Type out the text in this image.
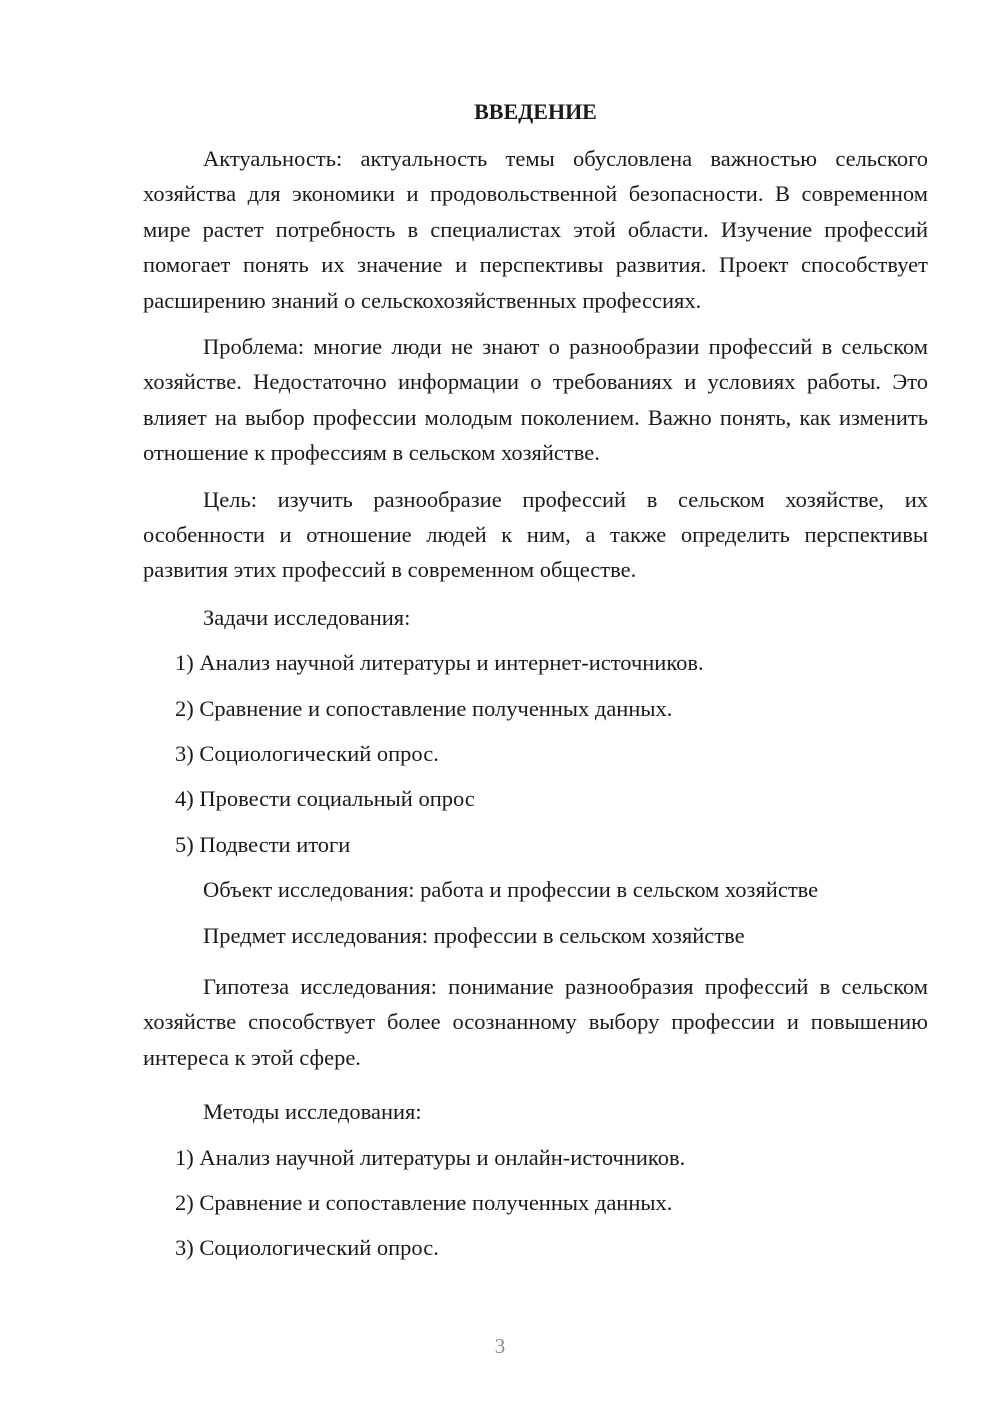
ВВЕДЕНИЕ

Актуальность: актуальность темы обусловлена важностью сельского хозяйства для экономики и продовольственной безопасности. В современном мире растет потребность в специалистах этой области. Изучение профессий помогает понять их значение и перспективы развития. Проект способствует расширению знаний о сельскохозяйственных профессиях.

Проблема: многие люди не знают о разнообразии профессий в сельском хозяйстве. Недостаточно информации о требованиях и условиях работы. Это влияет на выбор профессии молодым поколением. Важно понять, как изменить отношение к профессиям в сельском хозяйстве.

Цель: изучить разнообразие профессий в сельском хозяйстве, их особенности и отношение людей к ним, а также определить перспективы развития этих профессий в современном обществе.

Задачи исследования:

1) Анализ научной литературы и интернет-источников.

2) Сравнение и сопоставление полученных данных.

3) Социологический опрос.

4) Провести социальный опрос

5) Подвести итоги

Объект исследования: работа и профессии в сельском хозяйстве

Предмет исследования: профессии в сельском хозяйстве

Гипотеза исследования: понимание разнообразия профессий в сельском хозяйстве способствует более осознанному выбору профессии и повышению интереса к этой сфере.

Методы исследования:

1) Анализ научной литературы и онлайн-источников.

2) Сравнение и сопоставление полученных данных.

3) Социологический опрос.

3
